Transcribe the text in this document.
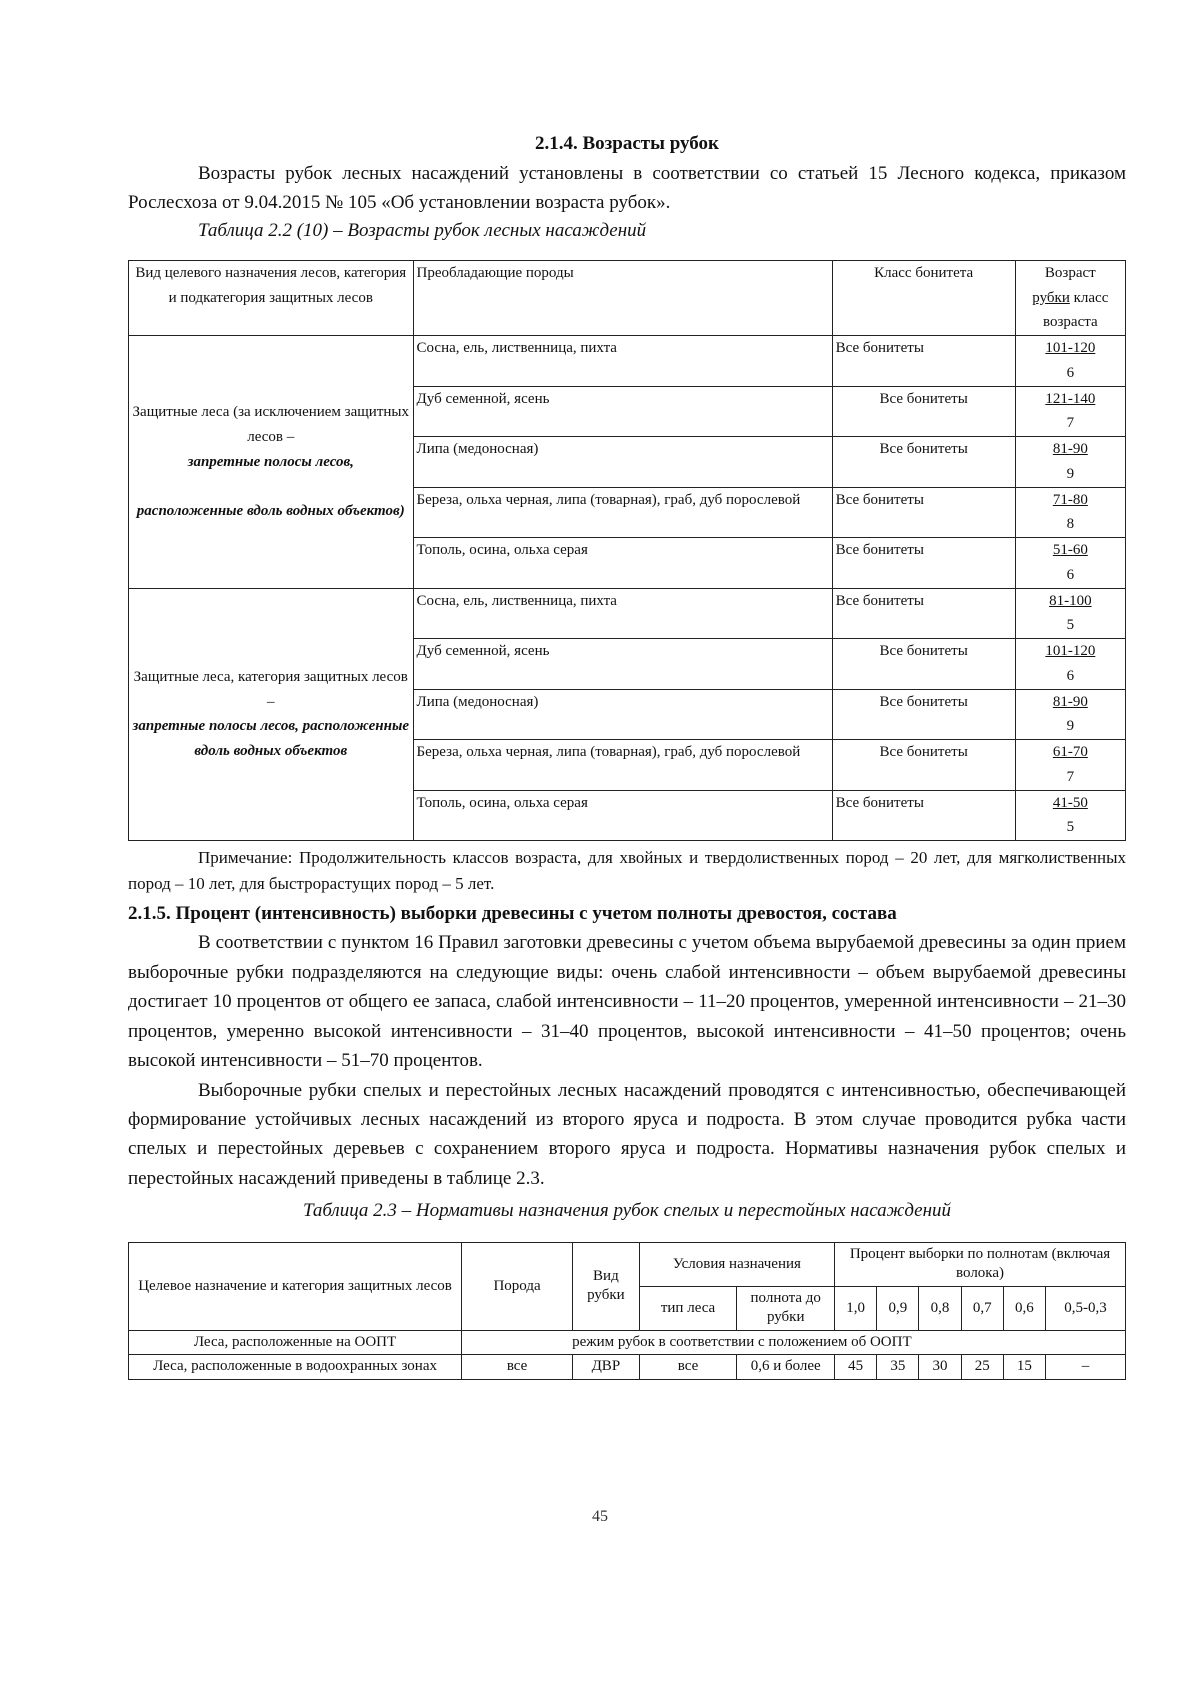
2.1.4. Возрасты рубок

Возрасты рубок лесных насаждений установлены в соответствии со статьей 15 Лесного кодекса, приказом Рослесхоза от 9.04.2015 № 105 «Об установлении возраста рубок».

Таблица 2.2 (10) – Возрасты рубок лесных насаждений
Вид целевого назначения лесов, категория и подкатегория защитных лесов	Преобладающие породы	Класс бонитета	Возраст
рубки класс возраста
Защитные леса (за исключением защитных лесов –
запретные полосы лесов,

расположенные вдоль водных объектов)	Сосна, ель, лиственница, пихта	Все бонитеты	101-120
6

	Дуб семенной, ясень	Все бонитеты	121-140
7

	Липа (медоносная)	Все бонитеты	81-90
9

	Береза, ольха черная, липа (товарная), граб, дуб порослевой	Все бонитеты	71-80
8

	Тополь, осина, ольха серая	Все бонитеты	51-60
6

Защитные леса, категория защитных лесов –
запретные полосы лесов, расположенные вдоль водных объектов	Сосна, ель, лиственница, пихта	Все бонитеты	81-100
5

	Дуб семенной, ясень	Все бонитеты	101-120
6

	Липа (медоносная)	Все бонитеты	81-90
9

	Береза, ольха черная, липа (товарная), граб, дуб порослевой	Все бонитеты	61-70
7

	Тополь, осина, ольха серая	Все бонитеты	41-50
5

Примечание: Продолжительность классов возраста, для хвойных и твердолиственных пород – 20 лет, для мягколиственных пород – 10 лет, для быстрорастущих пород – 5 лет.

2.1.5. Процент (интенсивность) выборки древесины с учетом полноты древостоя, состава

В соответствии с пунктом 16 Правил заготовки древесины с учетом объема вырубаемой древесины за один прием выборочные рубки подразделяются на следующие виды: очень слабой интенсивности – объем вырубаемой древесины достигает 10 процентов от общего ее запаса, слабой интенсивности – 11–20 процентов, умеренной интенсивности – 21–30 процентов, умеренно высокой интенсивности – 31–40 процентов, высокой интенсивности – 41–50 процентов; очень высокой интенсивности – 51–70 процентов.

Выборочные рубки спелых и перестойных лесных насаждений проводятся с интенсивностью, обеспечивающей формирование устойчивых лесных насаждений из второго яруса и подроста. В этом случае проводится рубка части спелых и перестойных деревьев с сохранением второго яруса и подроста. Нормативы назначения рубок спелых и перестойных насаждений приведены в таблице 2.3.

Таблица 2.3 – Нормативы назначения рубок спелых и перестойных насаждений
Целевое назначение и категория защитных лесов	Порода	Вид рубки	Условия назначения		Процент выборки по полнотам (включая волока)					
			тип леса	полнота до рубки	1,0	0,9	0,8	0,7	0,6	0,5-0,3
Леса, расположенные на ООПТ	режим рубок в соответствии с положением об ООПТ									
Леса, расположенные в водоохранных зонах	все	ДВР	все	0,6 и более	45	35	30	25	15	–
45
